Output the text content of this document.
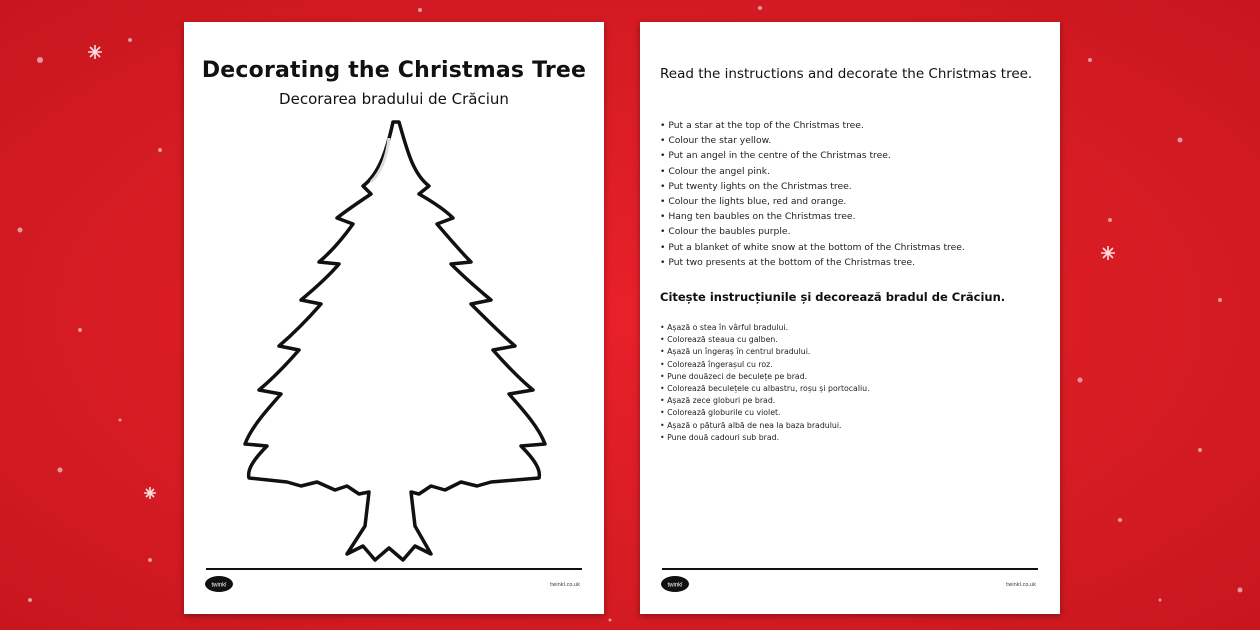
Decorating the Christmas Tree
Decorarea bradului de Crăciun
twinkl	twinkl.co.uk
Read the instructions and decorate the Christmas tree.
• Put a star at the top of the Christmas tree.
• Colour the star yellow.
• Put an angel in the centre of the Christmas tree.
• Colour the angel pink.
• Put twenty lights on the Christmas tree.
• Colour the lights blue, red and orange.
• Hang ten baubles on the Christmas tree.
• Colour the baubles purple.
• Put a blanket of white snow at the bottom of the Christmas tree.
• Put two presents at the bottom of the Christmas tree.
Citește instrucțiunile și decorează bradul de Crăciun.
• Așază o stea în vârful bradului.
• Colorează steaua cu galben.
• Așază un îngeraș în centrul bradului.
• Colorează îngerașul cu roz.
• Pune douăzeci de beculețe pe brad.
• Colorează beculețele cu albastru, roșu și portocaliu.
• Așază zece globuri pe brad.
• Colorează globurile cu violet.
• Așază o pătură albă de nea la baza bradului.
• Pune două cadouri sub brad.
twinkl	twinkl.co.uk
